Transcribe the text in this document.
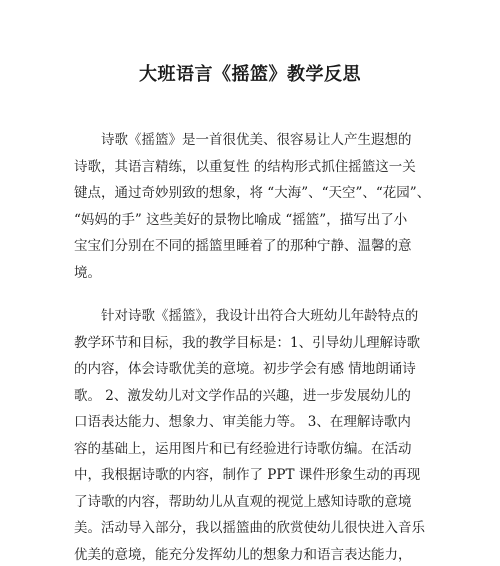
大班语言《摇篮》教学反思
诗歌《摇篮》是一首很优美、很容易让人产生遐想的
诗歌，其语言精练，以重复性 的结构形式抓住摇篮这一关
键点，通过奇妙别致的想象，将 “大海”、“天空”、“花园”、
“妈妈的手” 这些美好的景物比喻成 “摇篮”，描写出了小
宝宝们分别在不同的摇篮里睡着了的那种宁静、温馨的意
境。
针对诗歌《摇篮》，我设计出符合大班幼儿年龄特点的
教学环节和目标，我的教学目标是：1、引导幼儿理解诗歌
的内容，体会诗歌优美的意境。初步学会有感 情地朗诵诗
歌。 2、激发幼儿对文学作品的兴趣，进一步发展幼儿的
口语表达能力、想象力、审美能力等。 3、在理解诗歌内
容的基础上，运用图片和已有经验进行诗歌仿编。在活动
中，我根据诗歌的内容，制作了 PPT 课件形象生动的再现
了诗歌的内容，帮助幼儿从直观的视觉上感知诗歌的意境
美。活动导入部分，我以摇篮曲的欣赏使幼儿很快进入音乐
优美的意境，能充分发挥幼儿的想象力和语言表达能力，
